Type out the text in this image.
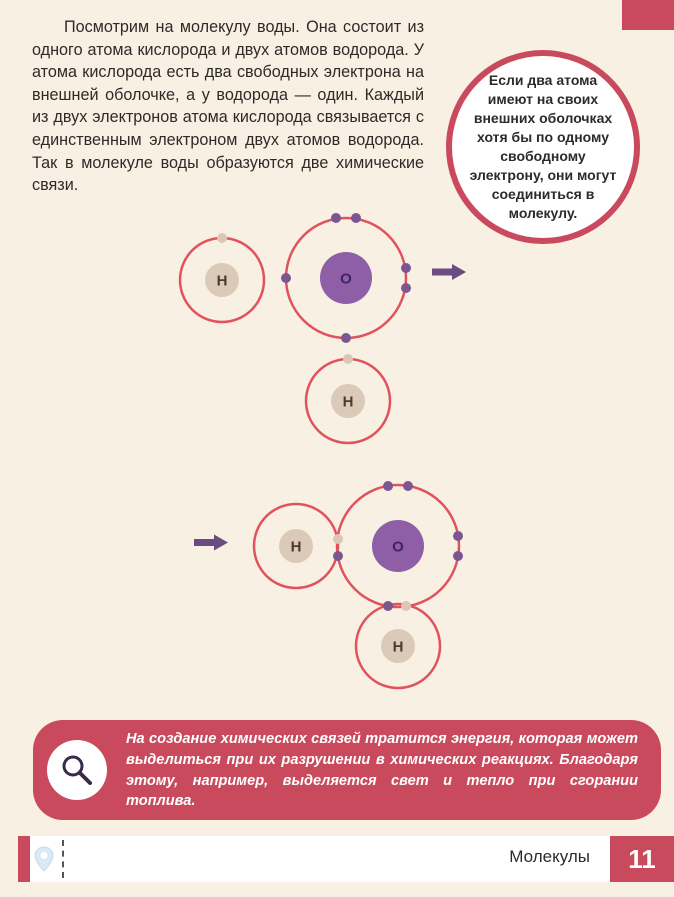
Посмотрим на молекулу воды. Она состоит из одного атома кислорода и двух атомов водорода. У атома кислорода есть два свободных электрона на внешней оболочке, а у водорода — один. Каждый из двух электронов атома кислорода связывается с единственным электроном двух атомов водорода. Так в молекуле воды образуются две химические связи.

Если два атома имеют на своих внешних оболочках хотя бы по одному свободному электрону, они могут соединиться в молекулу.
H	O
H
O
H
H

На создание химических связей тратится энергия, которая может выделиться при их разрушении в химических реакциях. Благодаря этому, например, выделяется свет и тепло при сгорании топлива.

Молекулы	11
